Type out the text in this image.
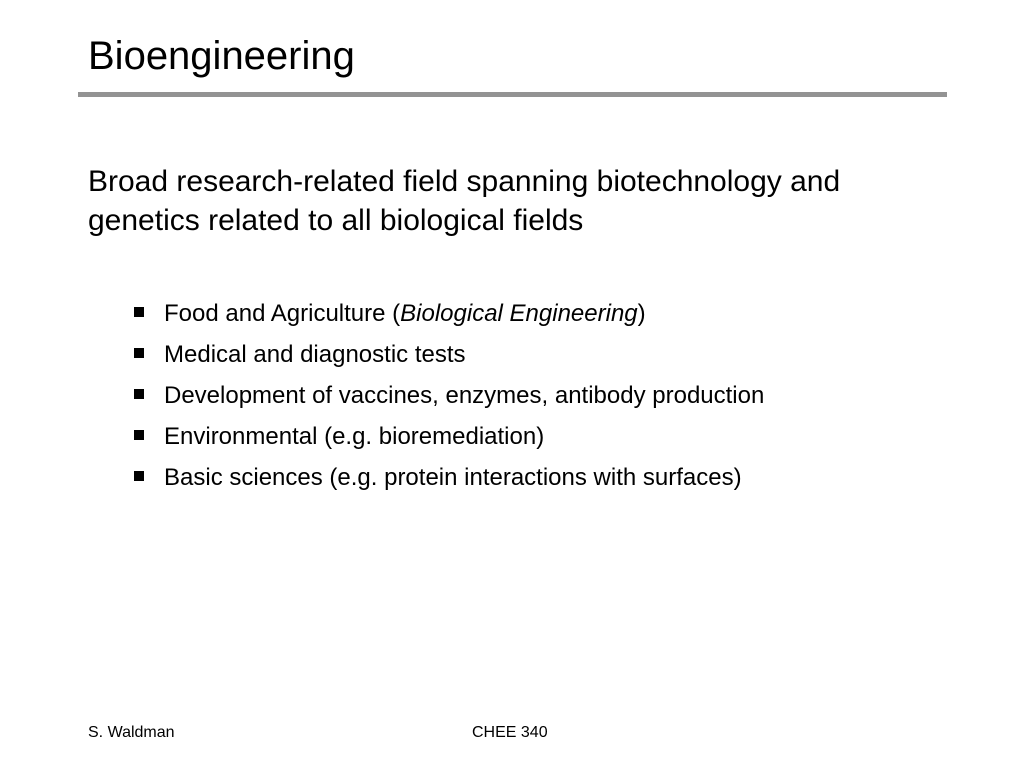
Bioengineering

Broad research-related field spanning biotechnology and genetics related to all biological fields

Food and Agriculture (Biological Engineering)
Medical and diagnostic tests
Development of vaccines, enzymes, antibody production
Environmental (e.g. bioremediation)
Basic sciences (e.g. protein interactions with surfaces)
S. Waldman	CHEE 340
